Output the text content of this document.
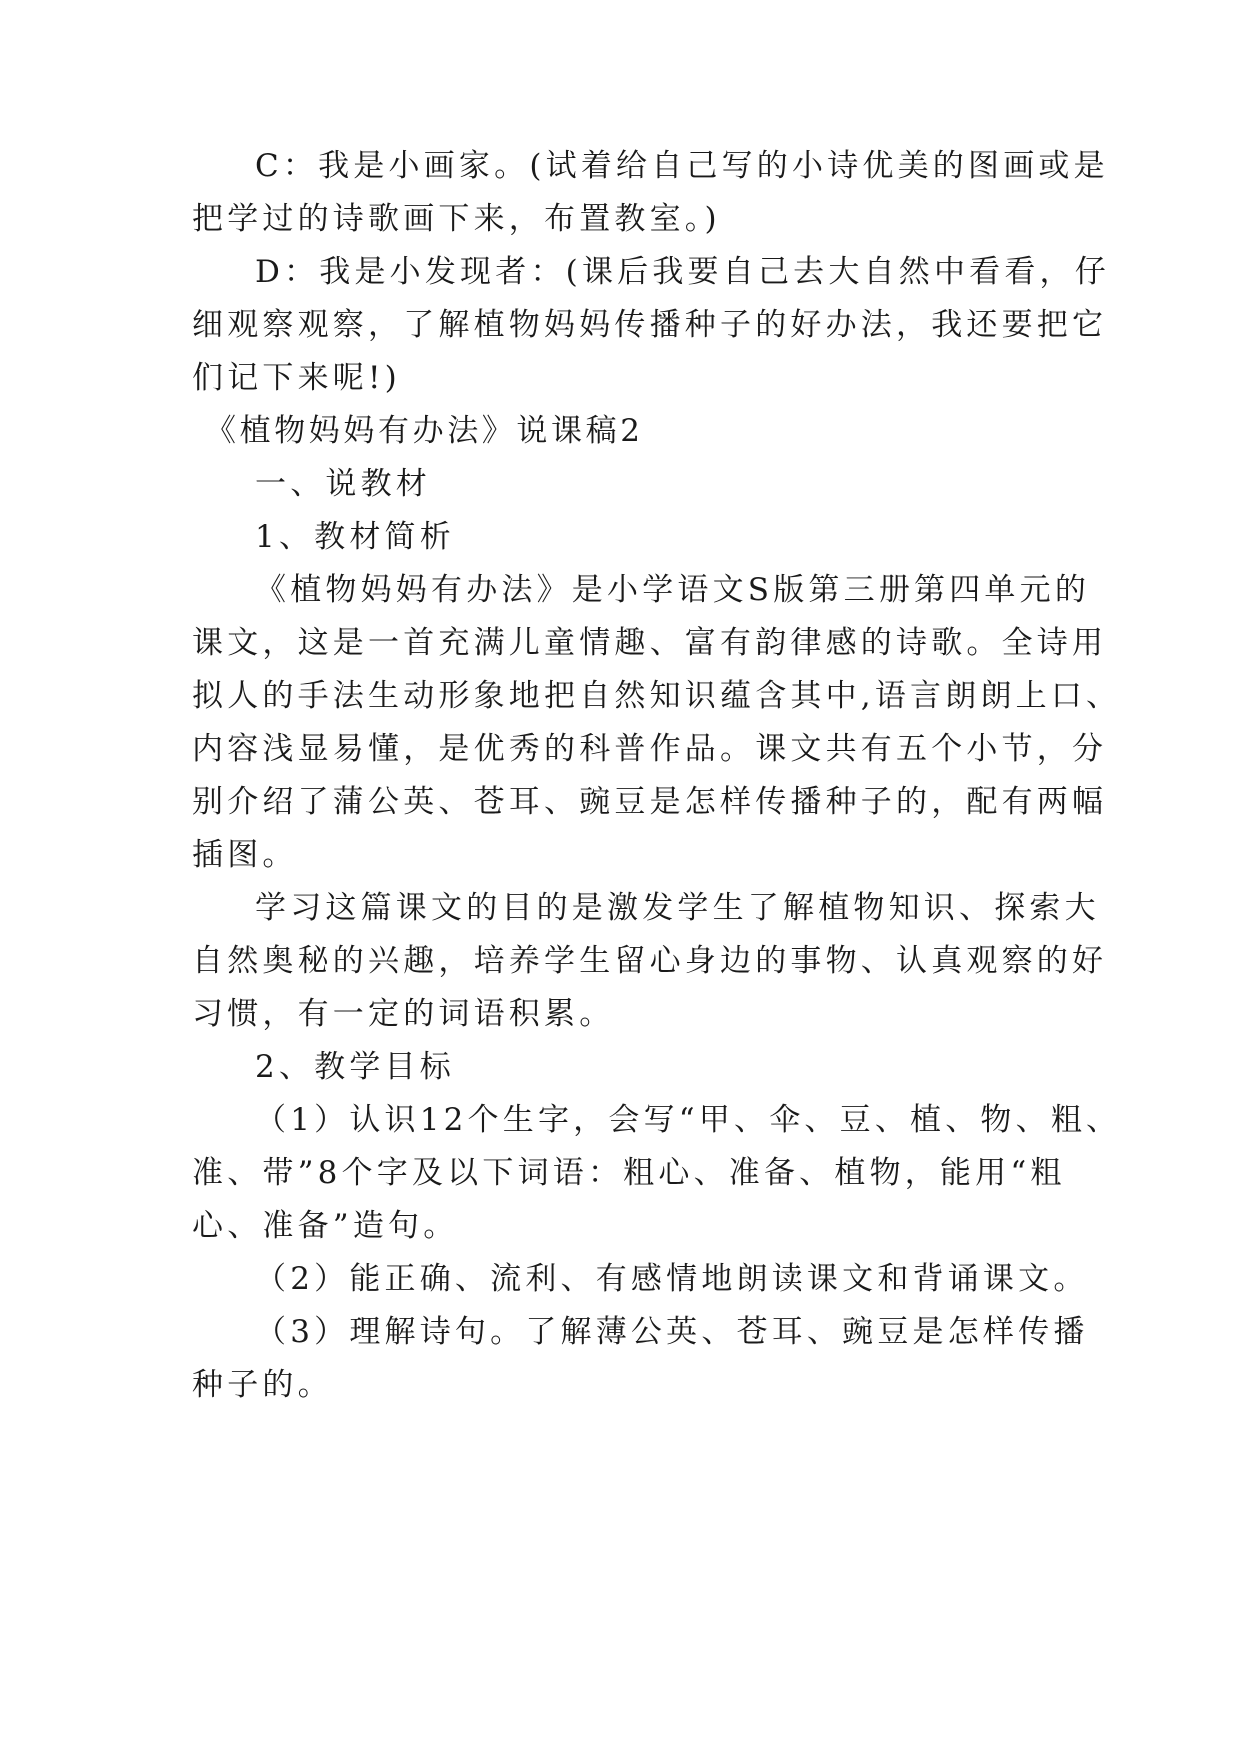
C：我是小画家。(试着给自己写的小诗优美的图画或是
把学过的诗歌画下来，布置教室。)
D：我是小发现者：(课后我要自己去大自然中看看，仔
细观察观察，了解植物妈妈传播种子的好办法，我还要把它
们记下来呢!)
《植物妈妈有办法》说课稿2
一、说教材
1、教材简析
《植物妈妈有办法》是小学语文S版第三册第四单元的
课文，这是一首充满儿童情趣、富有韵律感的诗歌。全诗用
拟人的手法生动形象地把自然知识蕴含其中,语言朗朗上口、
内容浅显易懂，是优秀的科普作品。课文共有五个小节，分
别介绍了蒲公英、苍耳、豌豆是怎样传播种子的，配有两幅
插图。
学习这篇课文的目的是激发学生了解植物知识、探索大
自然奥秘的兴趣，培养学生留心身边的事物、认真观察的好
习惯，有一定的词语积累。
2、教学目标
（1）认识12个生字，会写“甲、伞、豆、植、物、粗、
准、带”8个字及以下词语：粗心、准备、植物，能用“粗
心、准备”造句。
（2）能正确、流利、有感情地朗读课文和背诵课文。
（3）理解诗句。了解薄公英、苍耳、豌豆是怎样传播
种子的。
